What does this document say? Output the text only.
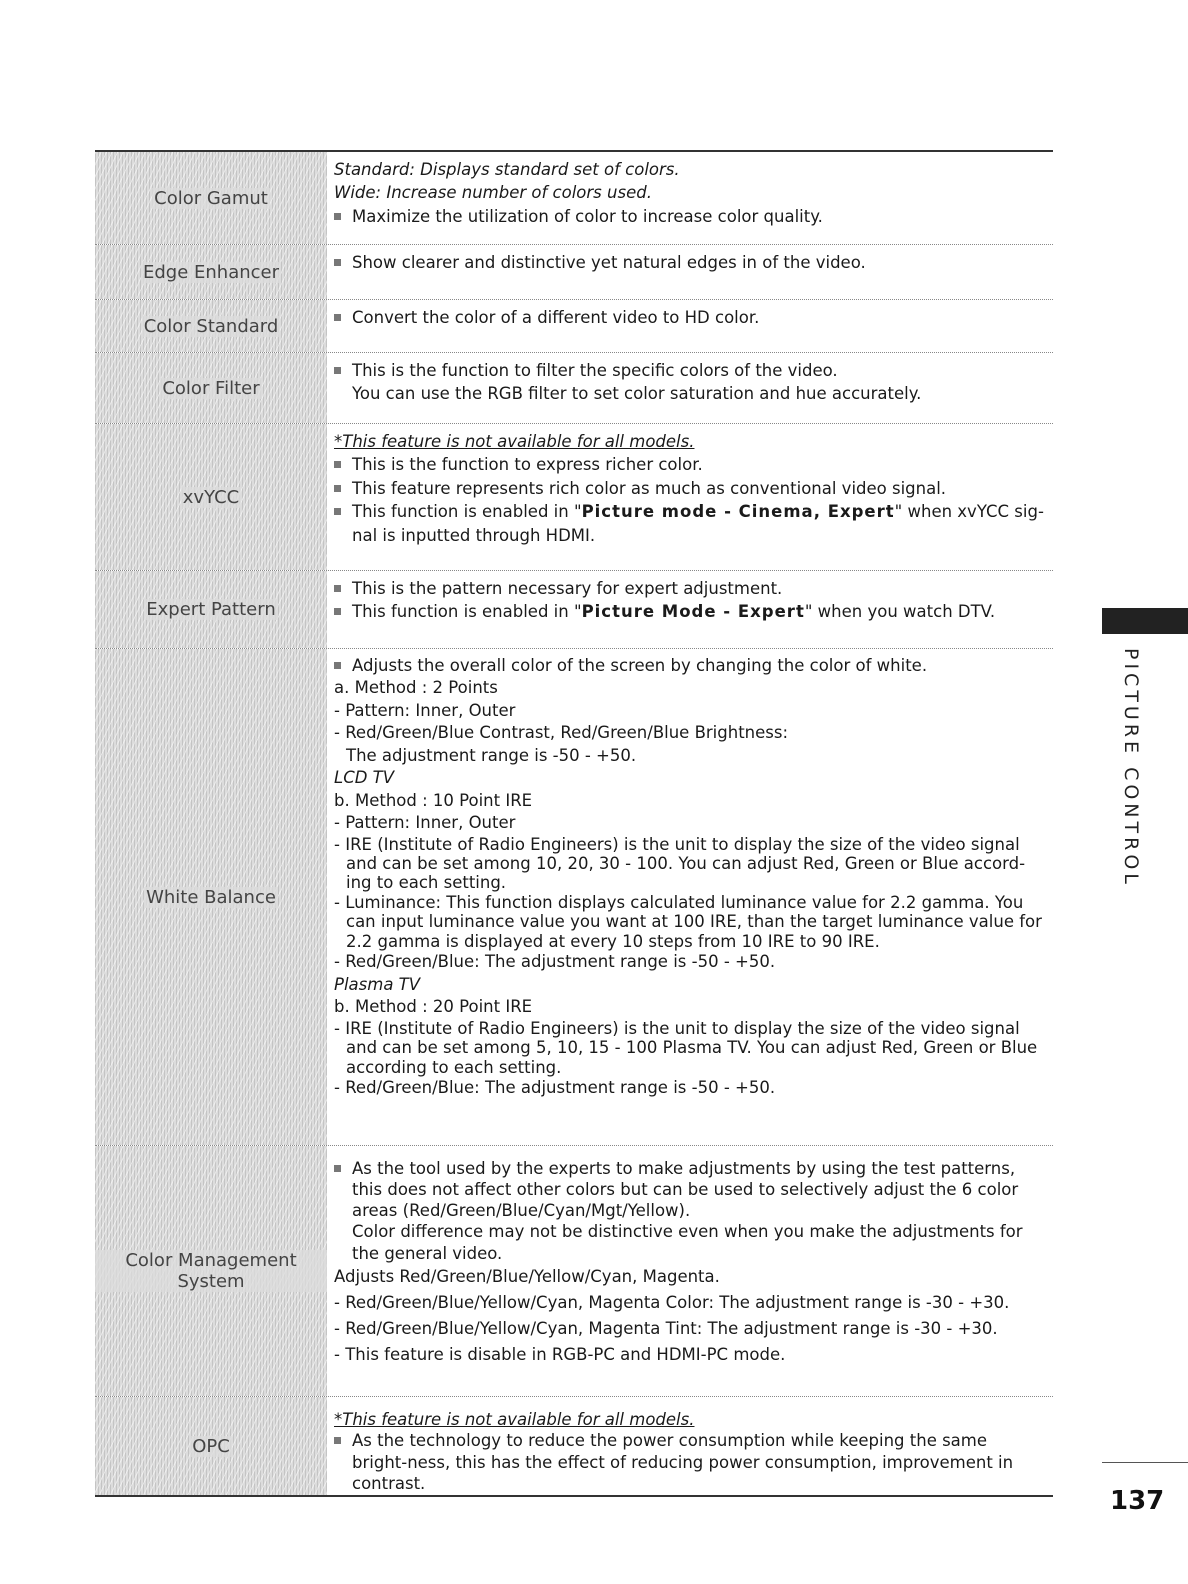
Color Gamut

Standard: Displays standard set of colors.

Wide: Increase number of colors used.

Maximize the utilization of color to increase color quality.
Edge Enhancer	Show clearer and distinctive yet natural edges in of the video.
Color Standard	Convert the color of a different video to HD color.
Color Filter
This is the function to filter the specific colors of the video.

You can use the RGB filter to set color saturation and hue accurately.

xvYCC

*This feature is not available for all models.

This is the function to express richer color.
This feature represents rich color as much as conventional video signal.
This function is enabled in "Picture mode - Cinema, Expert" when xvYCC sig-

nal is inputted through HDMI.

Expert Pattern
This is the pattern necessary for expert adjustment.
This function is enabled in "Picture Mode - Expert" when you watch DTV.
White Balance
Adjusts the overall color of the screen by changing the color of white.

a. Method : 2 Points

- Pattern: Inner, Outer

- Red/Green/Blue Contrast, Red/Green/Blue Brightness:

The adjustment range is -50 - +50.

LCD TV

b. Method : 10 Point IRE

- Pattern: Inner, Outer

- IRE (Institute of Radio Engineers) is the unit to display the size of the video signal and can be set among 10, 20, 30 - 100. You can adjust Red, Green or Blue accord-ing to each setting.

- Luminance: This function displays calculated luminance value for 2.2 gamma. You can input luminance value you want at 100 IRE, than the target luminance value for 2.2 gamma is displayed at every 10 steps from 10 IRE to 90 IRE.

- Red/Green/Blue: The adjustment range is -50 - +50.

Plasma TV

b. Method : 20 Point IRE

- IRE (Institute of Radio Engineers) is the unit to display the size of the video signal and can be set among 5, 10, 15 - 100 Plasma TV. You can adjust Red, Green or Blue according to each setting.

- Red/Green/Blue: The adjustment range is -50 - +50.

Color Management System
As the tool used by the experts to make adjustments by using the test patterns, this does not affect other colors but can be used to selectively adjust the 6 color areas (Red/Green/Blue/Cyan/Mgt/Yellow).

Color difference may not be distinctive even when you make the adjustments for the general video.

Adjusts Red/Green/Blue/Yellow/Cyan, Magenta.

- Red/Green/Blue/Yellow/Cyan, Magenta Color: The adjustment range is -30 - +30.

- Red/Green/Blue/Yellow/Cyan, Magenta Tint: The adjustment range is -30 - +30.

- This feature is disable in RGB-PC and HDMI-PC mode.

OPC

*This feature is not available for all models.

As the technology to reduce the power consumption while keeping the same bright-ness, this has the effect of reducing power consumption, improvement in contrast.
PICTURE CONTROL
137
